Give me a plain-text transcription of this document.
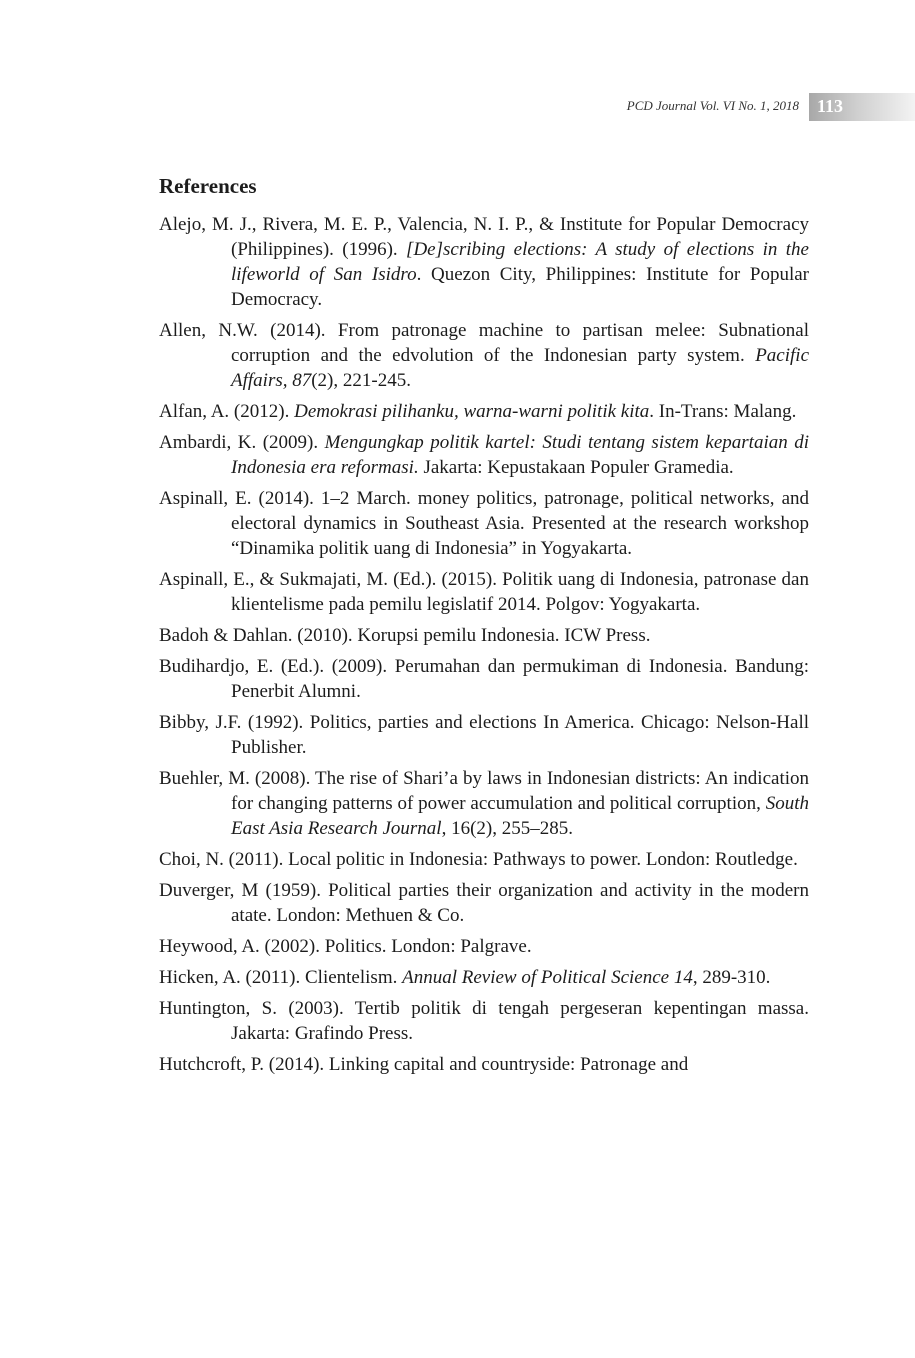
PCD Journal Vol. VI No. 1, 2018 113
References
Alejo, M. J., Rivera, M. E. P., Valencia, N. I. P., & Institute for Popular Democracy (Philippines). (1996). [De]scribing elections: A study of elections in the lifeworld of San Isidro. Quezon City, Philippines: Institute for Popular Democracy.
Allen, N.W. (2014). From patronage machine to partisan melee: Subnational corruption and the edvolution of the Indonesian party system. Pacific Affairs, 87(2), 221-245.
Alfan, A. (2012). Demokrasi pilihanku, warna-warni politik kita. In-Trans: Malang.
Ambardi, K. (2009). Mengungkap politik kartel: Studi tentang sistem kepartaian di Indonesia era reformasi. Jakarta: Kepustakaan Populer Gramedia.
Aspinall, E. (2014). 1–2 March. money politics, patronage, political networks, and electoral dynamics in Southeast Asia. Presented at the research workshop “Dinamika politik uang di Indonesia” in Yogyakarta.
Aspinall, E., & Sukmajati, M. (Ed.). (2015). Politik uang di Indonesia, patronase dan klientelisme pada pemilu legislatif 2014. Polgov: Yogyakarta.
Badoh & Dahlan. (2010). Korupsi pemilu Indonesia. ICW Press.
Budihardjo, E. (Ed.). (2009). Perumahan dan permukiman di Indonesia. Bandung: Penerbit Alumni.
Bibby, J.F. (1992). Politics, parties and elections In America. Chicago: Nelson-Hall Publisher.
Buehler, M. (2008). The rise of Shari’a by laws in Indonesian districts: An indication for changing patterns of power accumulation and political corruption, South East Asia Research Journal, 16(2), 255–285.
Choi, N. (2011). Local politic in Indonesia: Pathways to power. London: Routledge.
Duverger, M (1959). Political parties their organization and activity in the modern atate. London: Methuen & Co.
Heywood, A. (2002). Politics. London: Palgrave.
Hicken, A. (2011). Clientelism. Annual Review of Political Science 14, 289-310.
Huntington, S. (2003). Tertib politik di tengah pergeseran kepentingan massa. Jakarta: Grafindo Press.
Hutchcroft, P. (2014). Linking capital and countryside: Patronage and
